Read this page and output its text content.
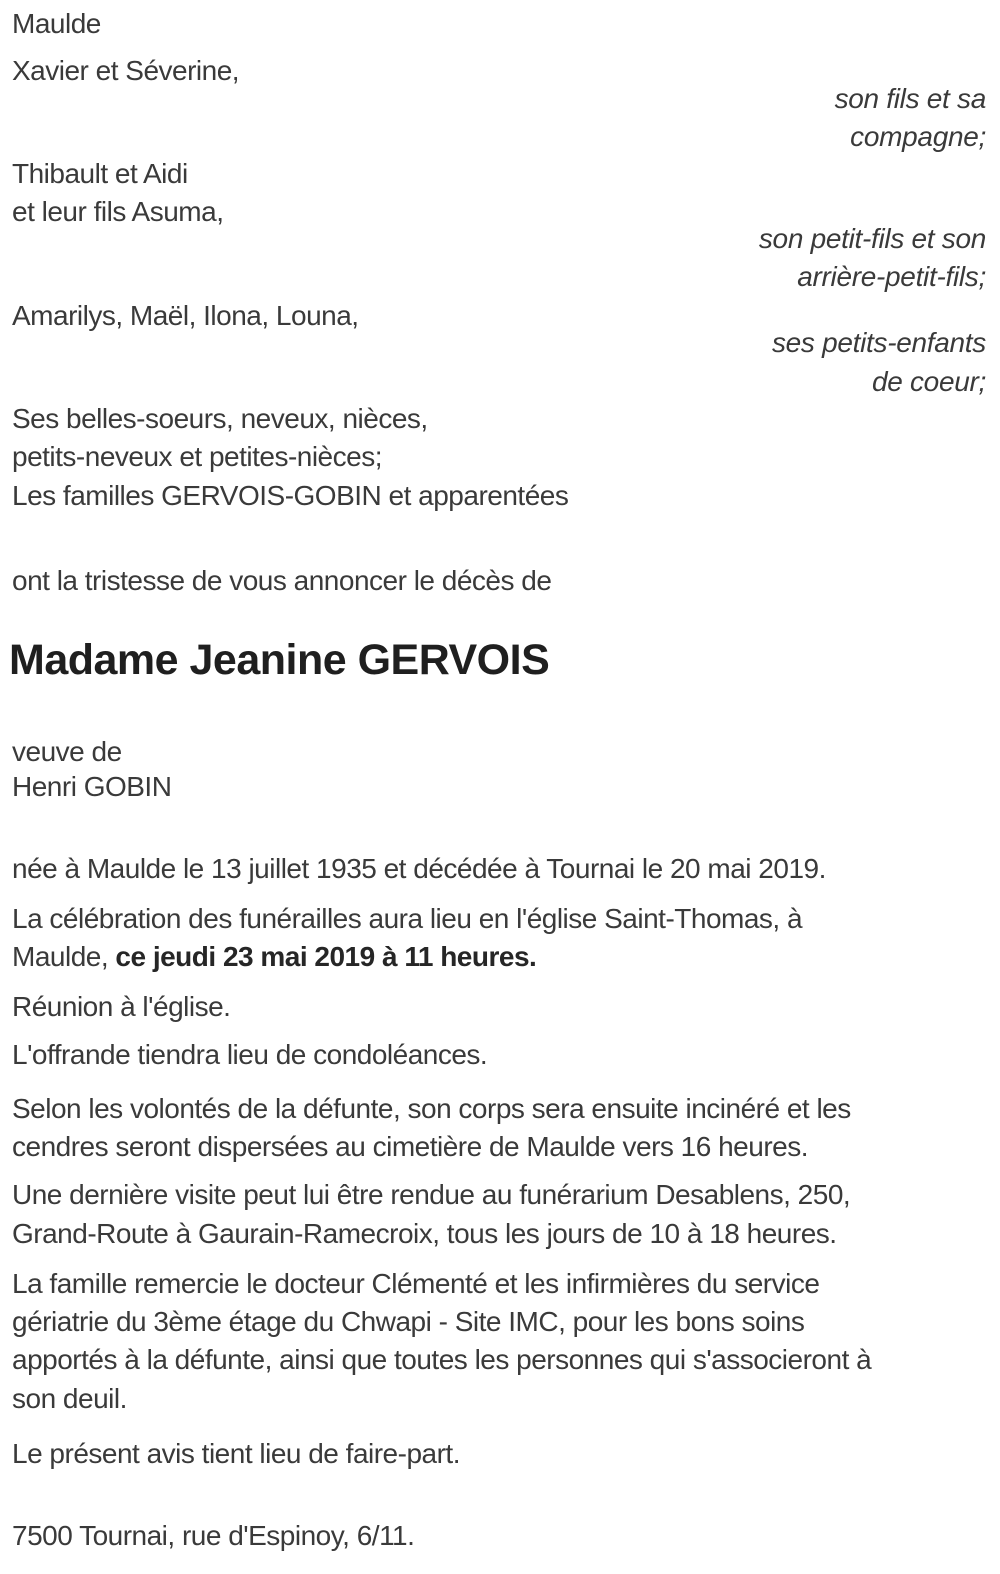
Maulde
Xavier et Séverine,
son fils et sa
compagne;
Thibault et Aidi
et leur fils Asuma,
son petit-fils et son
arrière-petit-fils;
Amarilys, Maël, Ilona, Louna,
ses petits-enfants
de coeur;
Ses belles-soeurs, neveux, nièces,
petits-neveux et petites-nièces;
Les familles GERVOIS-GOBIN et apparentées
ont la tristesse de vous annoncer le décès de
Madame Jeanine GERVOIS
veuve de
Henri GOBIN
née à Maulde le 13 juillet 1935 et décédée à Tournai le 20 mai 2019.
La célébration des funérailles aura lieu en l'église Saint-Thomas, à
Maulde, ce jeudi 23 mai 2019 à 11 heures.
Réunion à l'église.
L'offrande tiendra lieu de condoléances.
Selon les volontés de la défunte, son corps sera ensuite incinéré et les
cendres seront dispersées au cimetière de Maulde vers 16 heures.
Une dernière visite peut lui être rendue au funérarium Desablens, 250,
Grand-Route à Gaurain-Ramecroix, tous les jours de 10 à 18 heures.
La famille remercie le docteur Clémenté et les infirmières du service
gériatrie du 3ème étage du Chwapi - Site IMC, pour les bons soins
apportés à la défunte, ainsi que toutes les personnes qui s'associeront à
son deuil.
Le présent avis tient lieu de faire-part.
7500 Tournai, rue d'Espinoy, 6/11.
